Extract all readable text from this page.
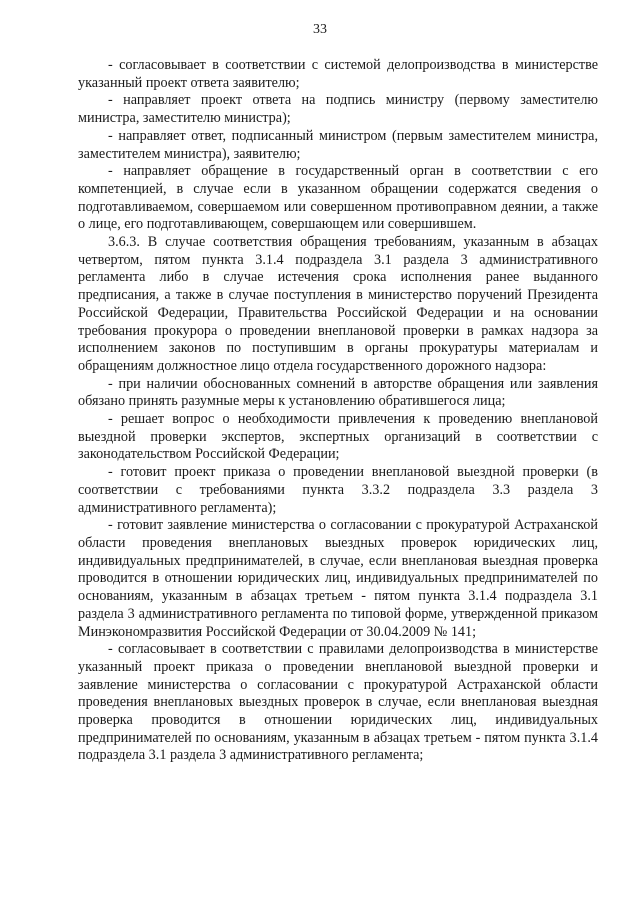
33

- согласовывает в соответствии с системой делопроизводства в министерстве указанный проект ответа заявителю;

- направляет проект ответа на подпись министру (первому заместителю министра, заместителю министра);

- направляет ответ, подписанный министром (первым заместителем министра, заместителем министра), заявителю;

- направляет обращение в государственный орган в соответствии с его компетенцией, в случае если в указанном обращении содержатся сведения о подготавливаемом, совершаемом или совершенном противоправном деянии, а также о лице, его подготавливающем, совершающем или совершившем.

3.6.3. В случае соответствия обращения требованиям, указанным в абзацах четвертом, пятом пункта 3.1.4 подраздела 3.1 раздела 3 административного регламента либо в случае истечения срока исполнения ранее выданного предписания, а также в случае поступления в министерство поручений Президента Российской Федерации, Правительства Российской Федерации и на основании требования прокурора о проведении внеплановой проверки в рамках надзора за исполнением законов по поступившим в органы прокуратуры материалам и обращениям должностное лицо отдела государственного дорожного надзора:

- при наличии обоснованных сомнений в авторстве обращения или заявления обязано принять разумные меры к установлению обратившегося лица;

- решает вопрос о необходимости привлечения к проведению внеплановой выездной проверки экспертов, экспертных организаций в соответствии с законодательством Российской Федерации;

- готовит проект приказа о проведении внеплановой выездной проверки (в соответствии с требованиями пункта 3.3.2 подраздела 3.3 раздела 3 административного регламента);

- готовит заявление министерства о согласовании с прокуратурой Астраханской области проведения внеплановых выездных проверок юридических лиц, индивидуальных предпринимателей, в случае, если внеплановая выездная проверка проводится в отношении юридических лиц, индивидуальных предпринимателей по основаниям, указанным в абзацах третьем - пятом пункта 3.1.4 подраздела 3.1 раздела 3 административного регламента по типовой форме, утвержденной приказом Минэкономразвития Российской Федерации от 30.04.2009 № 141;

- согласовывает в соответствии с правилами делопроизводства в министерстве указанный проект приказа о проведении внеплановой выездной проверки и заявление министерства о согласовании с прокуратурой Астраханской области проведения внеплановых выездных проверок в случае, если внеплановая выездная проверка проводится в отношении юридических лиц, индивидуальных предпринимателей по основаниям, указанным в абзацах третьем - пятом пункта 3.1.4 подраздела 3.1 раздела 3 административного регламента;
